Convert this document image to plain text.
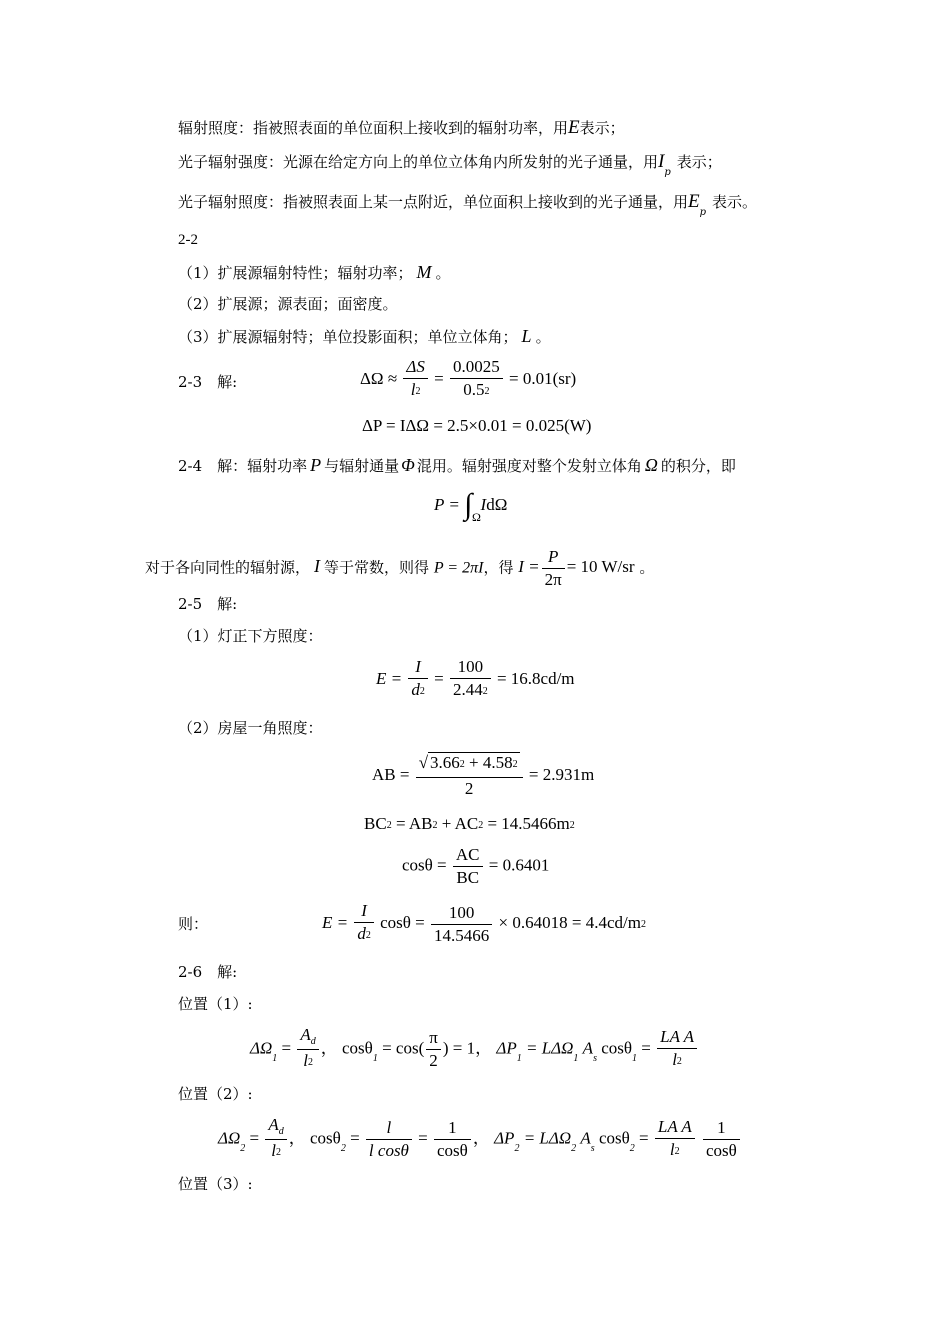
辐射照度：指被照表面的单位面积上接收到的辐射功率，用E表示；
光子辐射强度：光源在给定方向上的单位立体角内所发射的光子通量，用$I_p$表示；
光子辐射照度：指被照表面上某一点附近，单位面积上接收到的光子通量，用$E_p$表示。
2-2
（1）扩展源辐射特性；辐射功率； M 。
（2）扩展源；源表面；面密度。
（3）扩展源辐射特；单位投影面积；单位立体角； L 。
2-3　解:	$\Delta\Omega \approx \frac{\Delta S}{l2} = \frac{0.0025}{0.52} = 0.01(sr)$
ΔP = IΔΩ = 2.5×0.01 = 0.025(W)
2-4　解：辐射功率 P 与辐射通量 Φ 混用。辐射强度对整个发射立体角 Ω 的积分，即
P = ∫ IdΩ
Ω
对于各向同性的辐射源， I 等于常数，则得 P = 2πI，得 $I = \frac{P}{2\pi} = 10$ W/sr 。
2-5　解:
（1）灯正下方照度：
$E = \frac{I}{d2} = \frac{100}{2.442} = 16.8cd/m$
（2）房屋一角照度：
AB = $\frac{√ 3.662 + 4.582}{2} = 2.931m$
BC2 = AB2 + AC2 = 14.5466m2
$\cos\theta = \frac{AC}{BC} = 0.6401$
则：	$E = \frac{I}{d2}$ $\cos\theta = \frac{100}{14.5466} \times 0.64018 = 4.4cd/m2$
2-6　解:
位置（1）:
$\Delta\Omega_1 = \frac{A_d}{l2}$ ， $\cos\theta_1 = \cos( \frac{\pi}{2}$ ) = 1， $\Delta P_1 = L\Delta\Omega_1$ $A_s$ $\cos\theta_1 = \frac{\text{LA A}}{l2}$
位置（2）:
$\Delta\Omega_2 = \frac{A_d}{l2}$ ， $\cos\theta_2 = \frac{l}{\text{l cosθ}} = \frac{1}{\cos\theta}$ ， $\Delta P_2 = L\Delta\Omega_2$ $A_s$ $\cos\theta_2 = \frac{\text{LA A}}{l2}$
$\frac{1}{\cos\theta}$
位置（3）:
